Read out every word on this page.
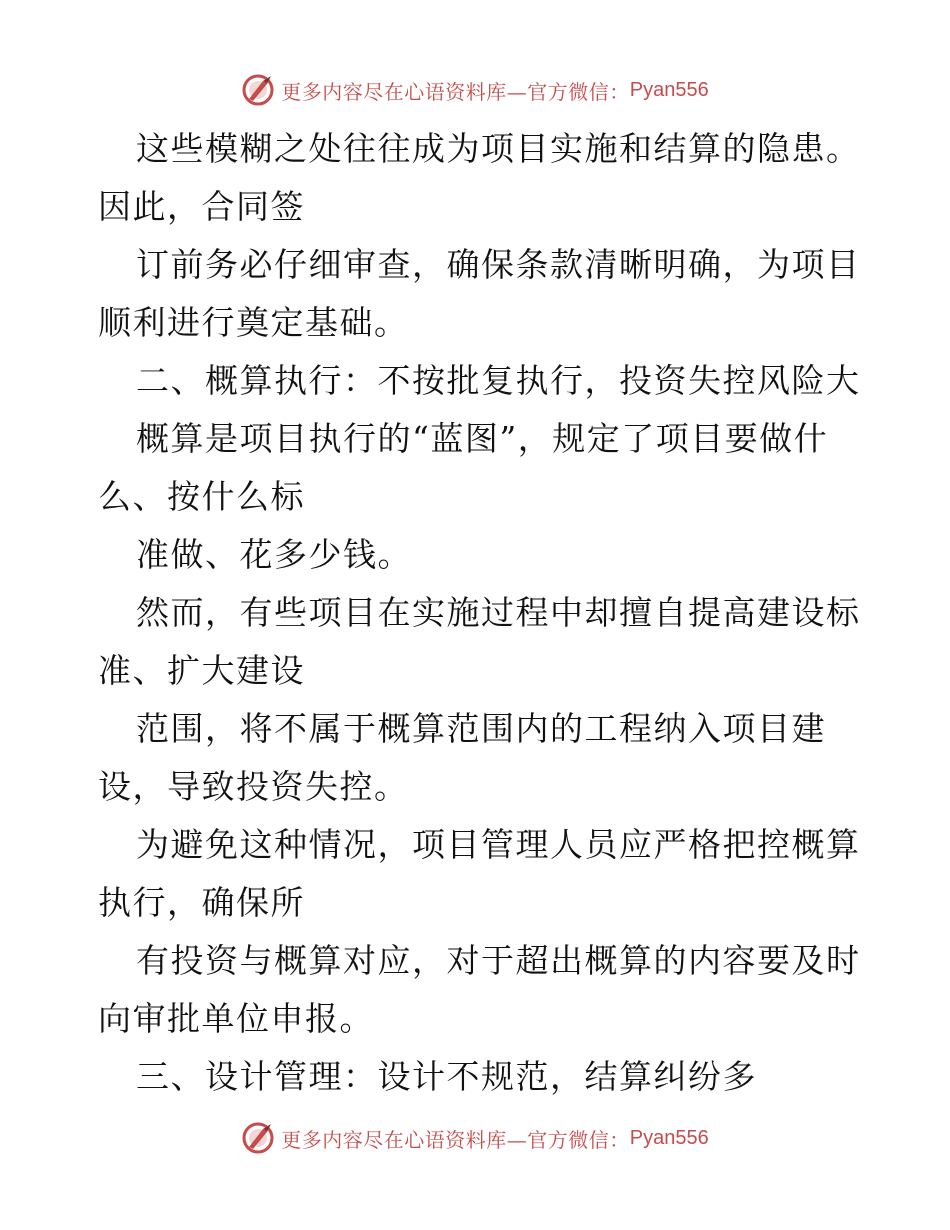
更多内容尽在心语资料库—官方微信： Pyan556

这些模糊之处往往成为项目实施和结算的隐患。因此，合同签

订前务必仔细审查，确保条款清晰明确，为项目顺利进行奠定基础。

二、概算执行：不按批复执行，投资失控风险大

概算是项目执行的“蓝图”，规定了项目要做什么、按什么标

准做、花多少钱。

然而，有些项目在实施过程中却擅自提高建设标准、扩大建设

范围，将不属于概算范围内的工程纳入项目建设，导致投资失控。

为避免这种情况，项目管理人员应严格把控概算执行，确保所

有投资与概算对应，对于超出概算的内容要及时向审批单位申报。

三、设计管理：设计不规范，结算纠纷多

更多内容尽在心语资料库—官方微信： Pyan556
